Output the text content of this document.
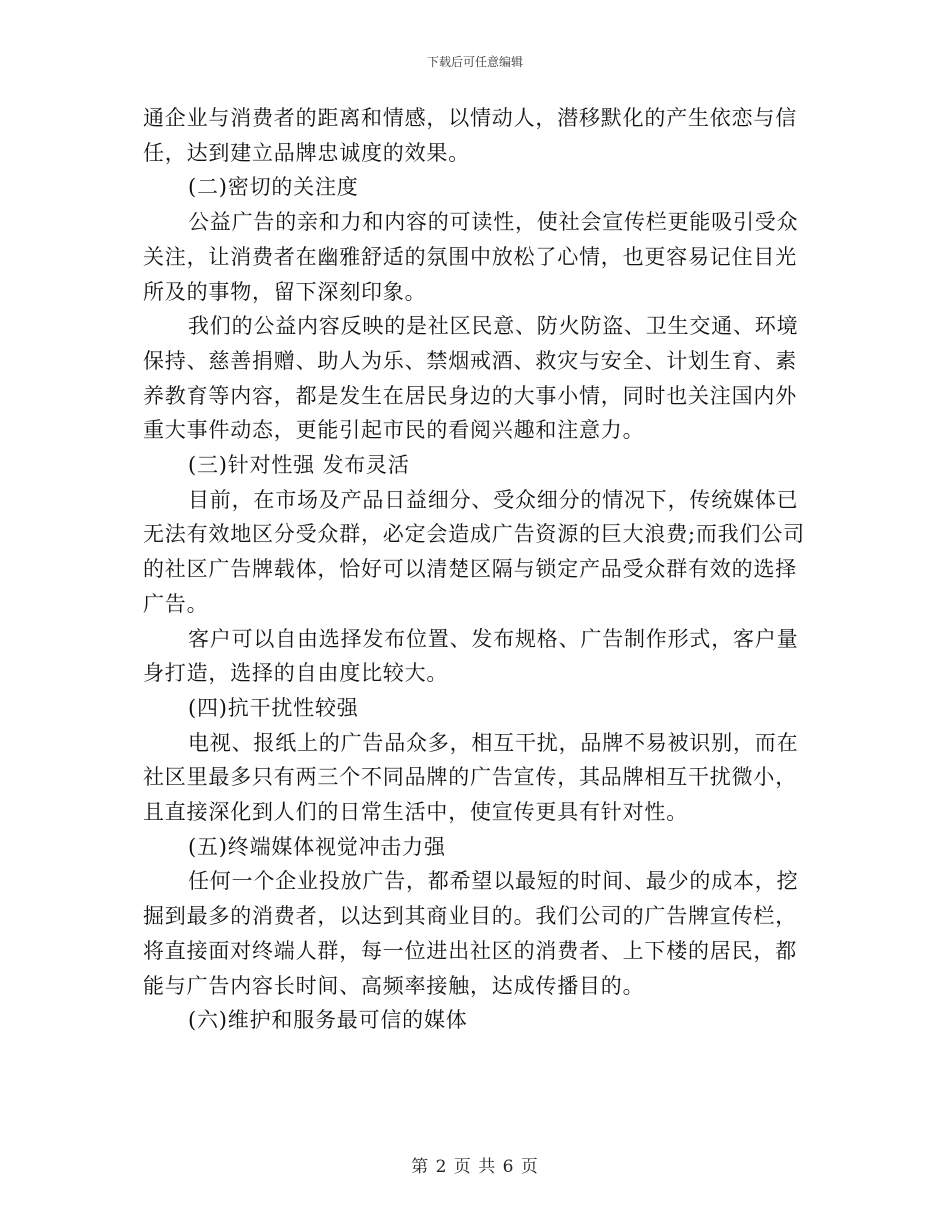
下载后可任意编辑

通企业与消费者的距离和情感，以情动人，潜移默化的产生依恋与信任，达到建立品牌忠诚度的效果。

(二)密切的关注度

公益广告的亲和力和内容的可读性，使社会宣传栏更能吸引受众关注，让消费者在幽雅舒适的氛围中放松了心情，也更容易记住目光所及的事物，留下深刻印象。

我们的公益内容反映的是社区民意、防火防盗、卫生交通、环境保持、慈善捐赠、助人为乐、禁烟戒酒、救灾与安全、计划生育、素养教育等内容，都是发生在居民身边的大事小情，同时也关注国内外重大事件动态，更能引起市民的看阅兴趣和注意力。

(三)针对性强 发布灵活

目前，在市场及产品日益细分、受众细分的情况下，传统媒体已无法有效地区分受众群，必定会造成广告资源的巨大浪费;而我们公司的社区广告牌载体，恰好可以清楚区隔与锁定产品受众群有效的选择广告。

客户可以自由选择发布位置、发布规格、广告制作形式，客户量身打造，选择的自由度比较大。

(四)抗干扰性较强

电视、报纸上的广告品众多，相互干扰，品牌不易被识别，而在社区里最多只有两三个不同品牌的广告宣传，其品牌相互干扰微小，且直接深化到人们的日常生活中，使宣传更具有针对性。

(五)终端媒体视觉冲击力强

任何一个企业投放广告，都希望以最短的时间、最少的成本，挖掘到最多的消费者，以达到其商业目的。我们公司的广告牌宣传栏，将直接面对终端人群，每一位进出社区的消费者、上下楼的居民，都能与广告内容长时间、高频率接触，达成传播目的。

(六)维护和服务最可信的媒体

第 2 页 共 6 页
